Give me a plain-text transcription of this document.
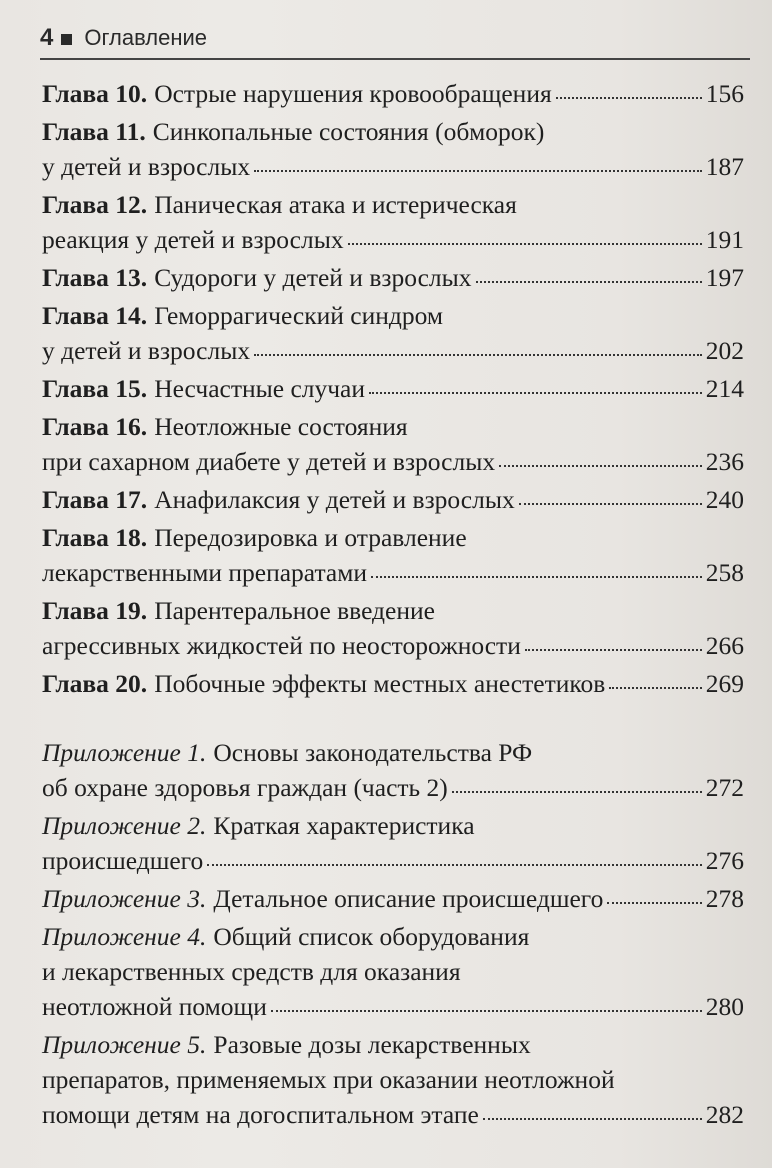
4 Оглавление
Глава 10. Острые нарушения кровообращения	156
Глава 11. Синкопальные состояния (обморок)
у детей и взрослых	187
Глава 12. Паническая атака и истерическая
реакция у детей и взрослых	191
Глава 13. Судороги у детей и взрослых	197
Глава 14. Геморрагический синдром
у детей и взрослых	202
Глава 15. Несчастные случаи	214
Глава 16. Неотложные состояния
при сахарном диабете у детей и взрослых	236
Глава 17. Анафилаксия у детей и взрослых	240
Глава 18. Передозировка и отравление
лекарственными препаратами	258
Глава 19. Парентеральное введение
агрессивных жидкостей по неосторожности	266
Глава 20. Побочные эффекты местных анестетиков	269
Приложение 1. Основы законодательства РФ
об охране здоровья граждан (часть 2)	272
Приложение 2. Краткая характеристика
происшедшего	276
Приложение 3. Детальное описание происшедшего	278
Приложение 4. Общий список оборудования
и лекарственных средств для оказания
неотложной помощи	280
Приложение 5. Разовые дозы лекарственных
препаратов, применяемых при оказании неотложной
помощи детям на догоспитальном этапе	282
